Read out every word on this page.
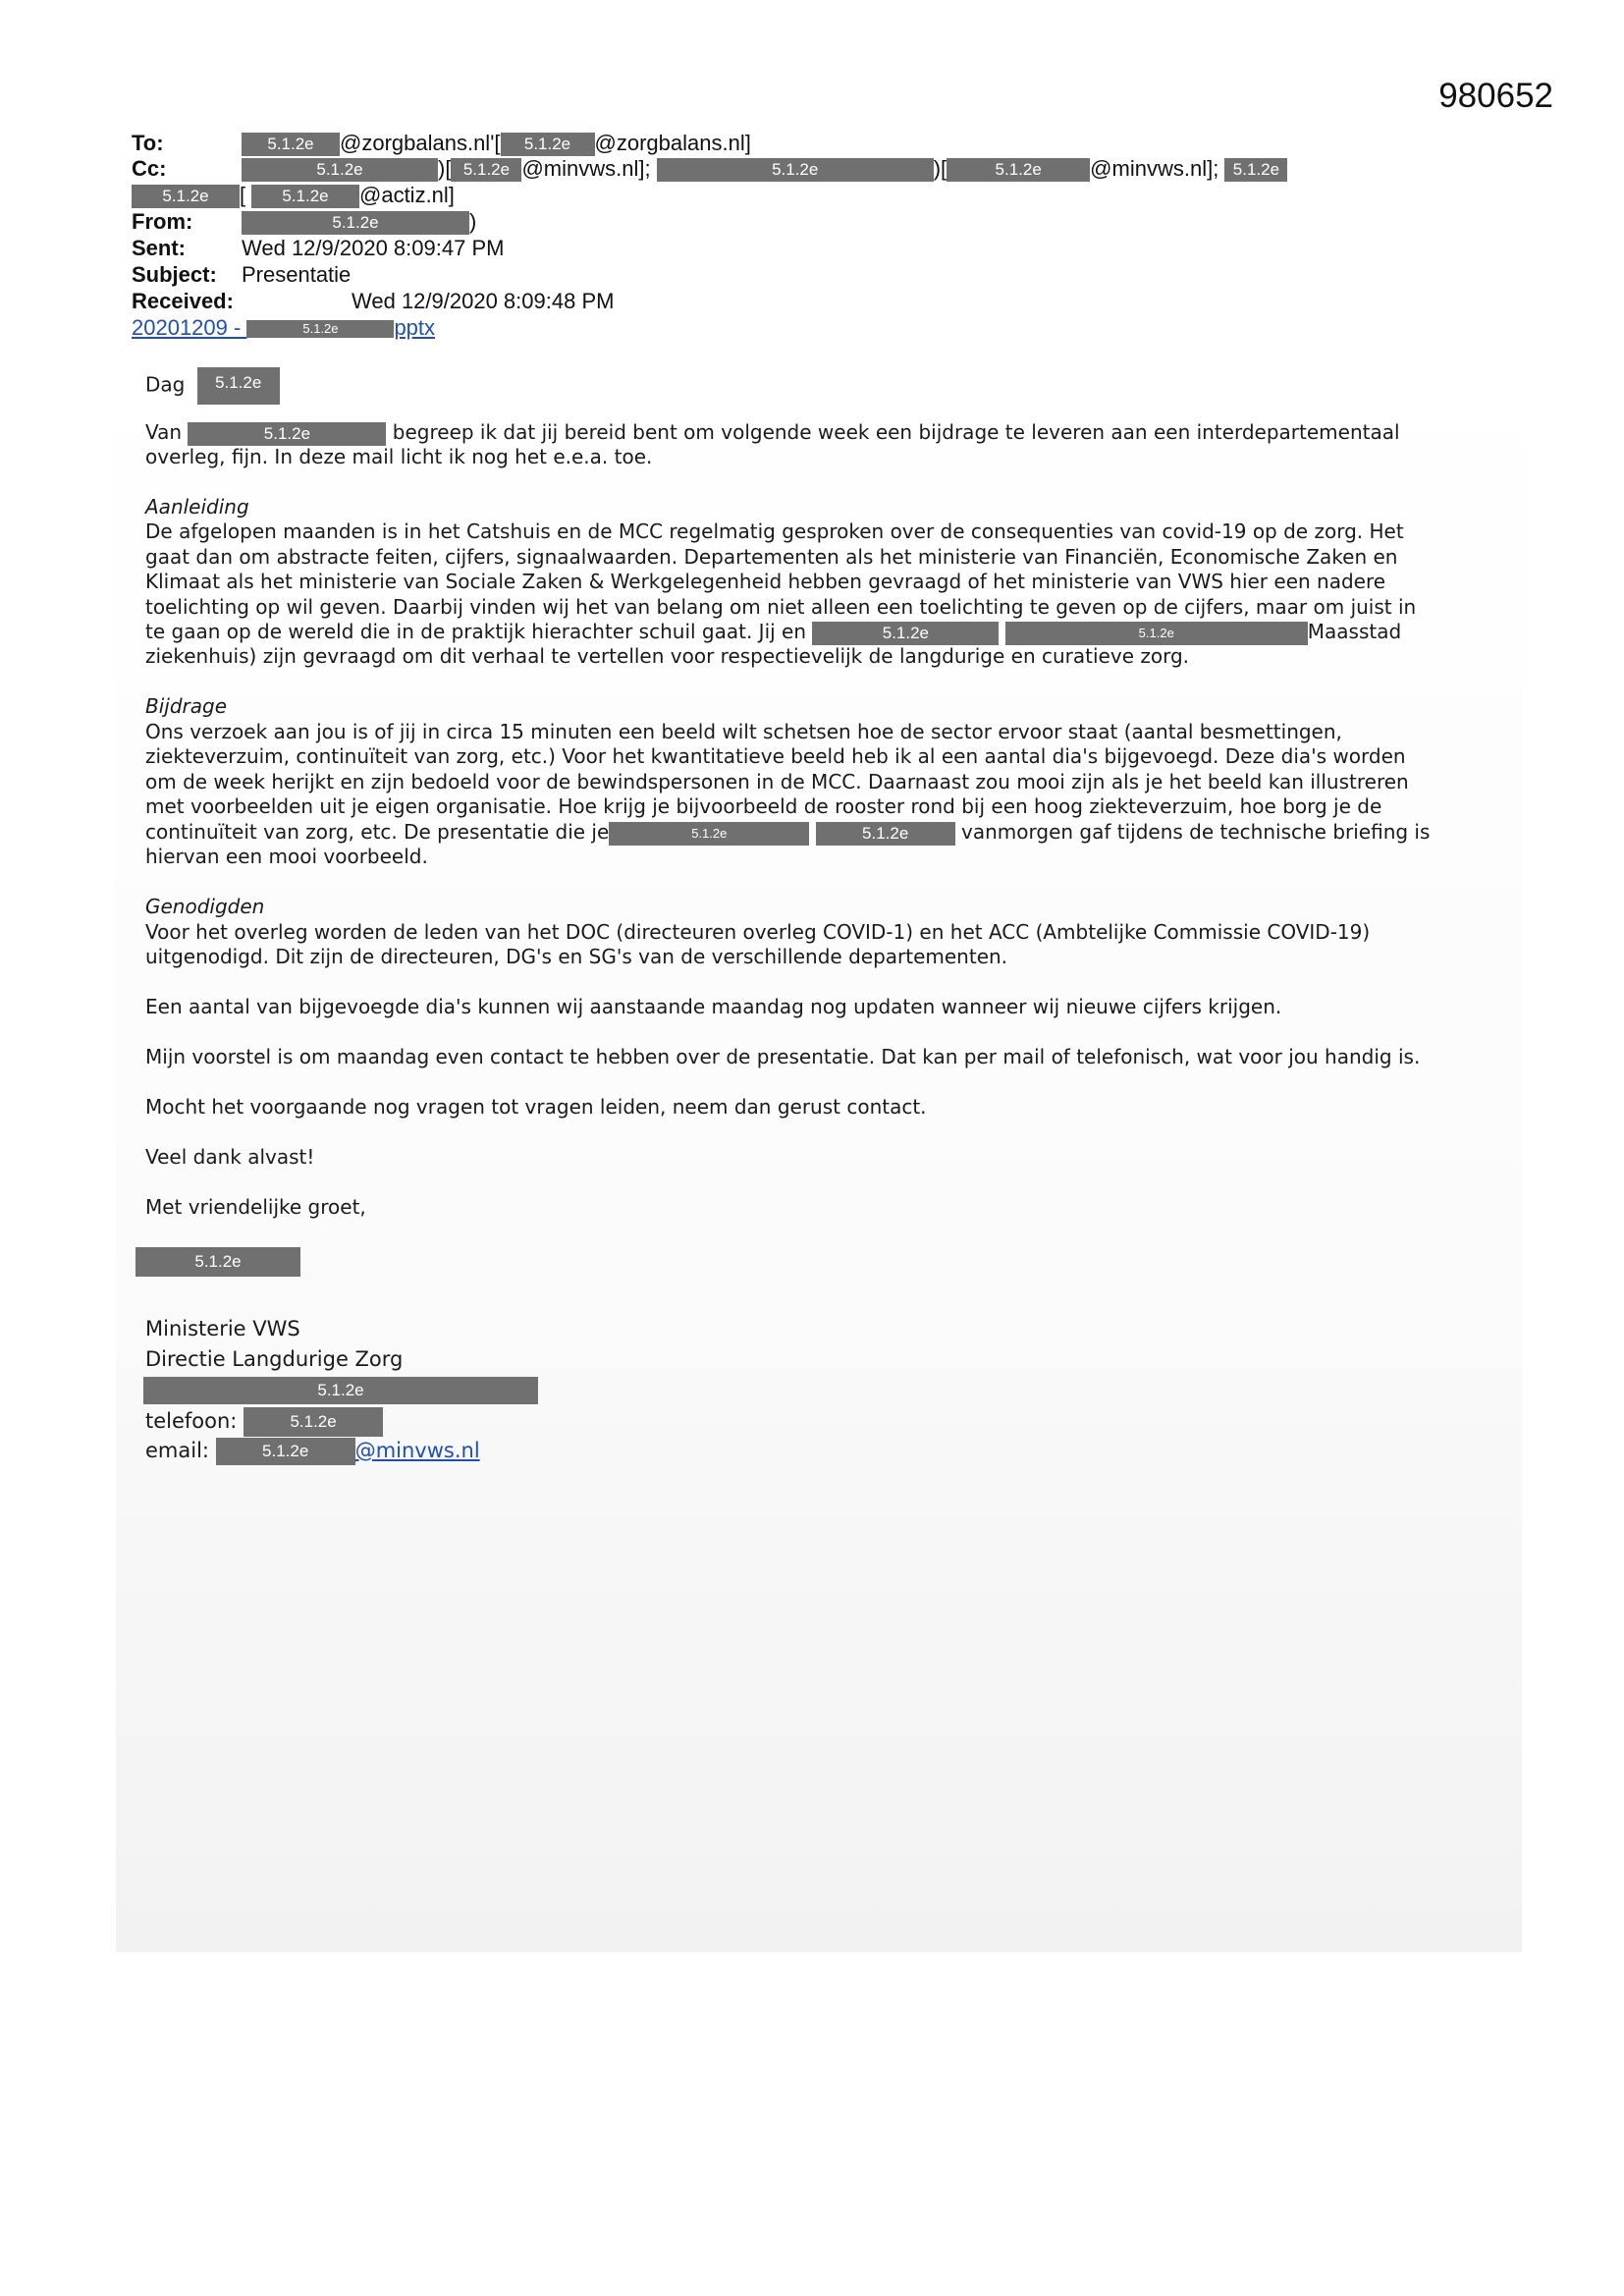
980652
To:	5.1.2e @zorgbalans.nl'[ 5.1.2e @zorgbalans.nl]
Cc:	5.1.2e	)[ 5.1.2e @minvws.nl];	5.1.2e	)[	5.1.2e @minvws.nl]; 5.1.2e
5.1.2e [ 5.1.2e @actiz.nl]
From:	5.1.2e	)
Sent:	Wed 12/9/2020 8:09:47 PM
Subject: Presentatie
Received:	Wed 12/9/2020 8:09:48 PM
20201209 -	5.1.2e	pptx
Dag 5.1.2e
Van	5.1.2e	begreep ik dat jij bereid bent om volgende week een bijdrage te leveren aan een interdepartementaal
overleg, fijn. In deze mail licht ik nog het e.e.a. toe.
Aanleiding
De afgelopen maanden is in het Catshuis en de MCC regelmatig gesproken over de consequenties van covid-19 op de zorg. Het
gaat dan om abstracte feiten, cijfers, signaalwaarden. Departementen als het ministerie van Financiën, Economische Zaken en
Klimaat als het ministerie van Sociale Zaken & Werkgelegenheid hebben gevraagd of het ministerie van VWS hier een nadere
toelichting op wil geven. Daarbij vinden wij het van belang om niet alleen een toelichting te geven op de cijfers, maar om juist in
te gaan op de wereld die in de praktijk hierachter schuil gaat. Jij en	5.1.2e	5.1.2e	Maasstad
ziekenhuis) zijn gevraagd om dit verhaal te vertellen voor respectievelijk de langdurige en curatieve zorg.
Bijdrage
Ons verzoek aan jou is of jij in circa 15 minuten een beeld wilt schetsen hoe de sector ervoor staat (aantal besmettingen,
ziekteverzuim, continuïteit van zorg, etc.) Voor het kwantitatieve beeld heb ik al een aantal dia's bijgevoegd. Deze dia's worden
om de week herijkt en zijn bedoeld voor de bewindspersonen in de MCC. Daarnaast zou mooi zijn als je het beeld kan illustreren
met voorbeelden uit je eigen organisatie. Hoe krijg je bijvoorbeeld de rooster rond bij een hoog ziekteverzuim, hoe borg je de
continuïteit van zorg, etc. De presentatie die je	5.1.2e	5.1.2e	vanmorgen gaf tijdens de technische briefing is
hiervan een mooi voorbeeld.
Genodigden
Voor het overleg worden de leden van het DOC (directeuren overleg COVID-1) en het ACC (Ambtelijke Commissie COVID-19)
uitgenodigd. Dit zijn de directeuren, DG's en SG's van de verschillende departementen.
Een aantal van bijgevoegde dia's kunnen wij aanstaande maandag nog updaten wanneer wij nieuwe cijfers krijgen.
Mijn voorstel is om maandag even contact te hebben over de presentatie. Dat kan per mail of telefonisch, wat voor jou handig is.
Mocht het voorgaande nog vragen tot vragen leiden, neem dan gerust contact.
Veel dank alvast!
Met vriendelijke groet,
5.1.2e
Ministerie VWS
Directie Langdurige Zorg
5.1.2e
telefoon:	5.1.2e
email:	5.1.2e @minvws.nl
